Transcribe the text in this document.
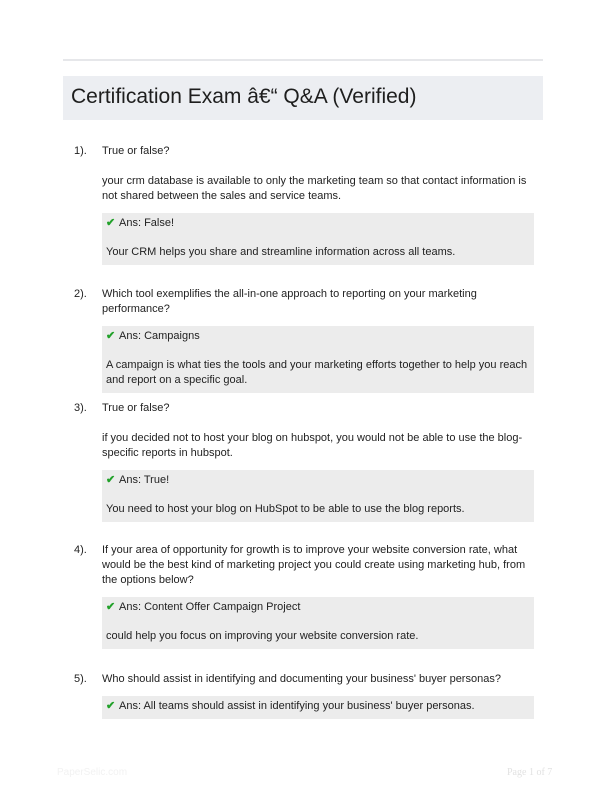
Certification Exam â€“ Q&A (Verified)
1). True or false?

your crm database is available to only the marketing team so that contact information is not shared between the sales and service teams.

✔ Ans: False!
Your CRM helps you share and streamline information across all teams.
2). Which tool exemplifies the all-in-one approach to reporting on your marketing performance?

✔ Ans: Campaigns
A campaign is what ties the tools and your marketing efforts together to help you reach and report on a specific goal.
3). True or false?

if you decided not to host your blog on hubspot, you would not be able to use the blog-specific reports in hubspot.

✔ Ans: True!
You need to host your blog on HubSpot to be able to use the blog reports.
4). If your area of opportunity for growth is to improve your website conversion rate, what would be the best kind of marketing project you could create using marketing hub, from the options below?

✔ Ans: Content Offer Campaign Project
could help you focus on improving your website conversion rate.
5). Who should assist in identifying and documenting your business' buyer personas?

✔ Ans: All teams should assist in identifying your business' buyer personas.
PaperSelic.com	Page 1 of 7
